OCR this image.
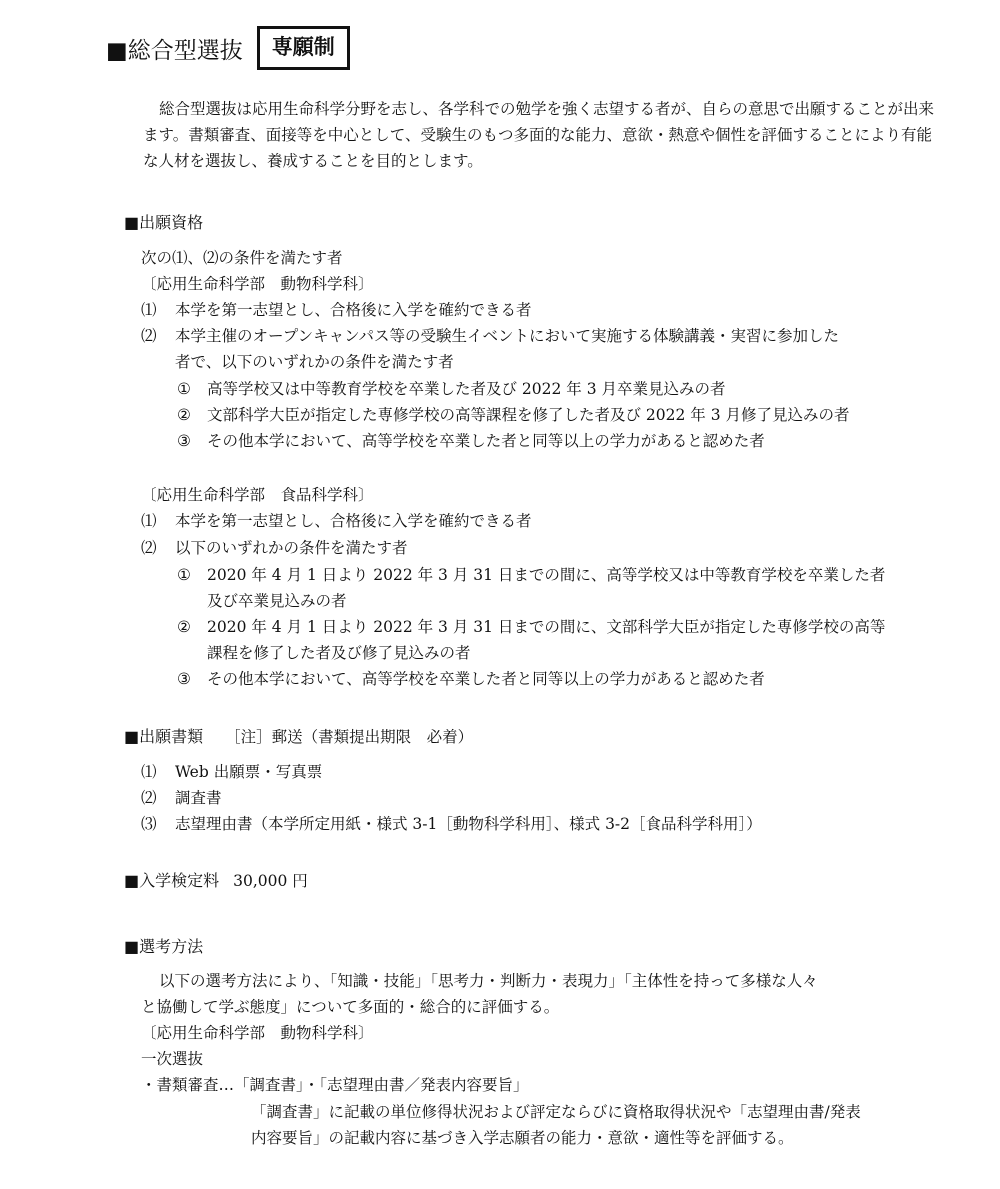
■総合型選抜	専願制
総合型選抜は応用生命科学分野を志し、各学科での勉学を強く志望する者が、自らの意思で出願することが出来ます。書類審査、面接等を中心として、受験生のもつ多面的な能力、意欲・熱意や個性を評価することにより有能な人材を選抜し、養成することを目的とします。
■出願資格
次の⑴、⑵の条件を満たす者
〔応用生命科学部　動物科学科〕
⑴ 本学を第一志望とし、合格後に入学を確約できる者
⑵ 本学主催のオープンキャンパス等の受験生イベントにおいて実施する体験講義・実習に参加した
者で、以下のいずれかの条件を満たす者
① 高等学校又は中等教育学校を卒業した者及び 2022 年 3 月卒業見込みの者
② 文部科学大臣が指定した専修学校の高等課程を修了した者及び 2022 年 3 月修了見込みの者
③ その他本学において、高等学校を卒業した者と同等以上の学力があると認めた者
〔応用生命科学部　食品科学科〕
⑴ 本学を第一志望とし、合格後に入学を確約できる者
⑵ 以下のいずれかの条件を満たす者
① 2020 年 4 月 1 日より 2022 年 3 月 31 日までの間に、高等学校又は中等教育学校を卒業した者
及び卒業見込みの者
② 2020 年 4 月 1 日より 2022 年 3 月 31 日までの間に、文部科学大臣が指定した専修学校の高等
課程を修了した者及び修了見込みの者
③ その他本学において、高等学校を卒業した者と同等以上の学力があると認めた者
■出願書類 ［注］郵送（書類提出期限　必着）
⑴ Web 出願票・写真票
⑵ 調査書
⑶ 志望理由書（本学所定用紙・様式 3-1［動物科学科用］、様式 3-2［食品科学科用］）
■入学検定料 30,000 円
■選考方法
以下の選考方法により、「知識・技能」「思考力・判断力・表現力」「主体性を持って多様な人々
と協働して学ぶ態度」について多面的・総合的に評価する。
〔応用生命科学部　動物科学科〕
一次選抜
・書類審査…「調査書」・「志望理由書／発表内容要旨」
「調査書」に記載の単位修得状況および評定ならびに資格取得状況や「志望理由書/発表
内容要旨」の記載内容に基づき入学志願者の能力・意欲・適性等を評価する。
